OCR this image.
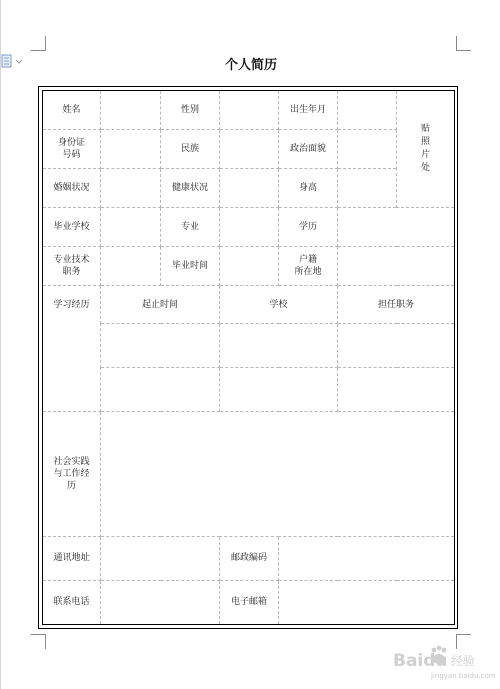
个人简历
姓名		性别		出生年月		贴照片处
身份证
号码		民族		政治面貌		
婚姻状况		健康状况		身高		
毕业学校		专业		学历		
专业技术
职务		毕业时间		户籍
所在地		
学习经历	起止时间		学校		担任职务	

社会实践
与工作经
历						
通讯地址			邮政编码			
联系电话			电子邮箱			
Baidu 经验
jingyan.baidu.com
